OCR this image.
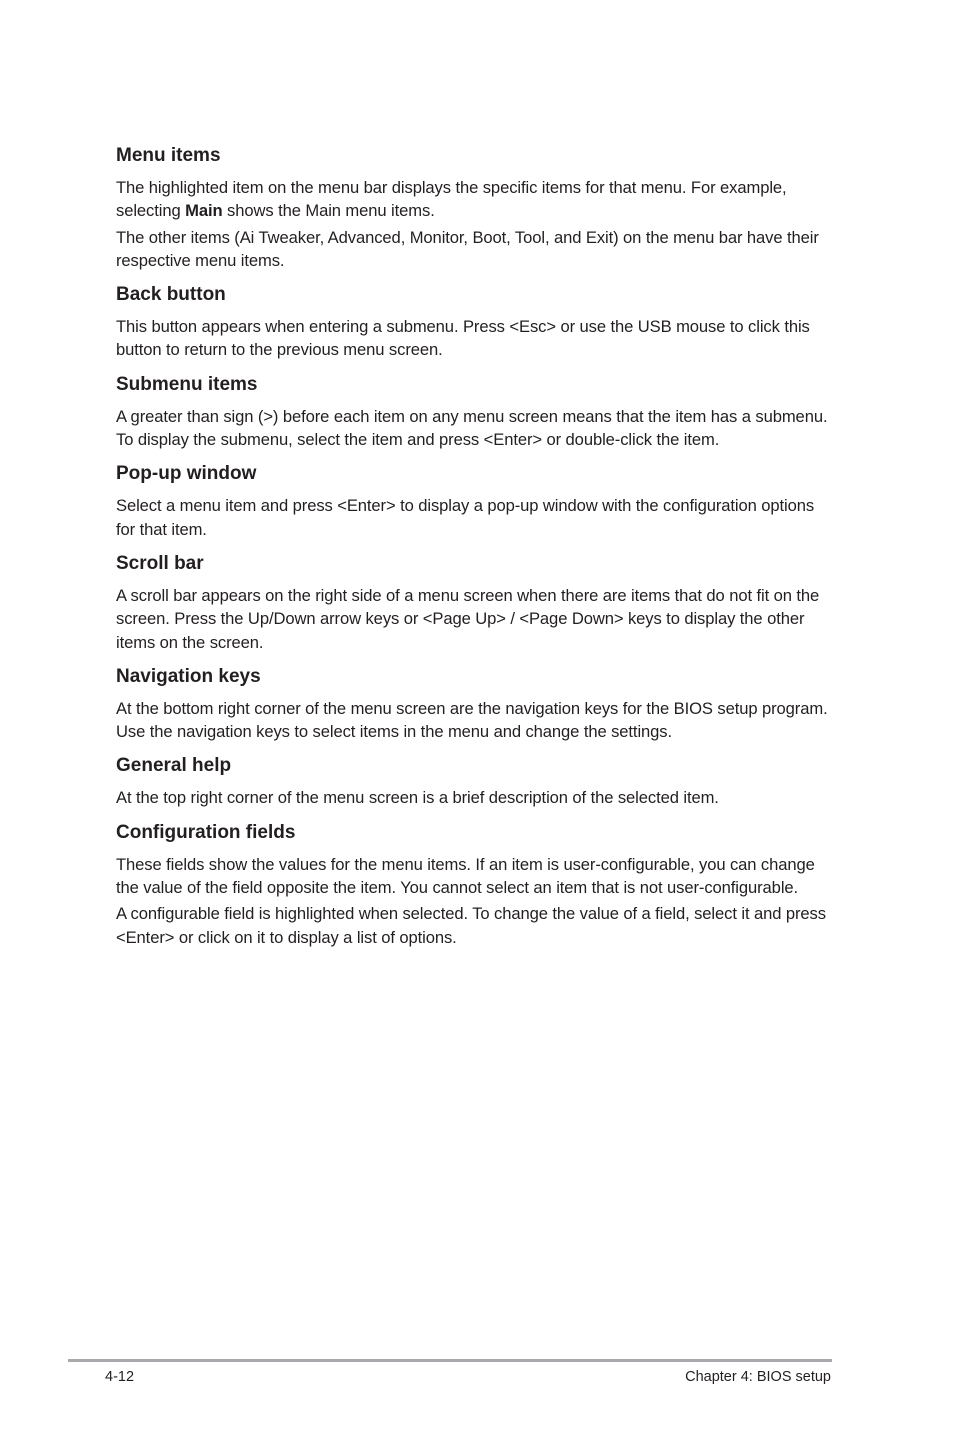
Menu items

The highlighted item on the menu bar displays the specific items for that menu. For example, selecting Main shows the Main menu items.

The other items (Ai Tweaker, Advanced, Monitor, Boot, Tool, and Exit) on the menu bar have their respective menu items.

Back button

This button appears when entering a submenu. Press <Esc> or use the USB mouse to click this button to return to the previous menu screen.

Submenu items

A greater than sign (>) before each item on any menu screen means that the item has a submenu. To display the submenu, select the item and press <Enter> or double-click the item.

Pop-up window

Select a menu item and press <Enter> to display a pop-up window with the configuration options for that item.

Scroll bar

A scroll bar appears on the right side of a menu screen when there are items that do not fit on the screen. Press the Up/Down arrow keys or <Page Up> / <Page Down> keys to display the other items on the screen.

Navigation keys

At the bottom right corner of the menu screen are the navigation keys for the BIOS setup program. Use the navigation keys to select items in the menu and change the settings.

General help

At the top right corner of the menu screen is a brief description of the selected item.

Configuration fields

These fields show the values for the menu items. If an item is user-configurable, you can change the value of the field opposite the item. You cannot select an item that is not user-configurable.

A configurable field is highlighted when selected. To change the value of a field, select it and press <Enter> or click on it to display a list of options.

4-12	Chapter 4: BIOS setup
